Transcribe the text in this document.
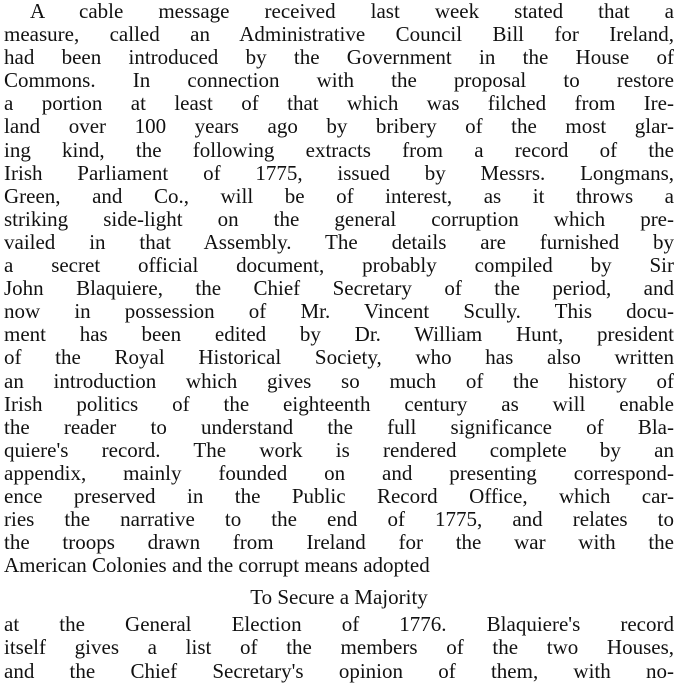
A cable message received last week stated that a
measure, called an Administrative Council Bill for Ireland,
had been introduced by the Government in the House of
Commons. In connection with the proposal to restore
a portion at least of that which was filched from Ire-
land over 100 years ago by bribery of the most glar-
ing kind, the following extracts from a record of the
Irish Parliament of 1775, issued by Messrs. Longmans,
Green, and Co., will be of interest, as it throws a
striking side-light on the general corruption which pre-
vailed in that Assembly. The details are furnished by
a secret official document, probably compiled by Sir
John Blaquiere, the Chief Secretary of the period, and
now in possession of Mr. Vincent Scully. This docu-
ment has been edited by Dr. William Hunt, president
of the Royal Historical Society, who has also written
an introduction which gives so much of the history of
Irish politics of the eighteenth century as will enable
the reader to understand the full significance of Bla-
quiere's record. The work is rendered complete by an
appendix, mainly founded on and presenting correspond-
ence preserved in the Public Record Office, which car-
ries the narrative to the end of 1775, and relates to
the troops drawn from Ireland for the war with the
American Colonies and the corrupt means adopted
To Secure a Majority
at the General Election of 1776. Blaquiere's record
itself gives a list of the members of the two Houses,
and the Chief Secretary's opinion of them, with no-
